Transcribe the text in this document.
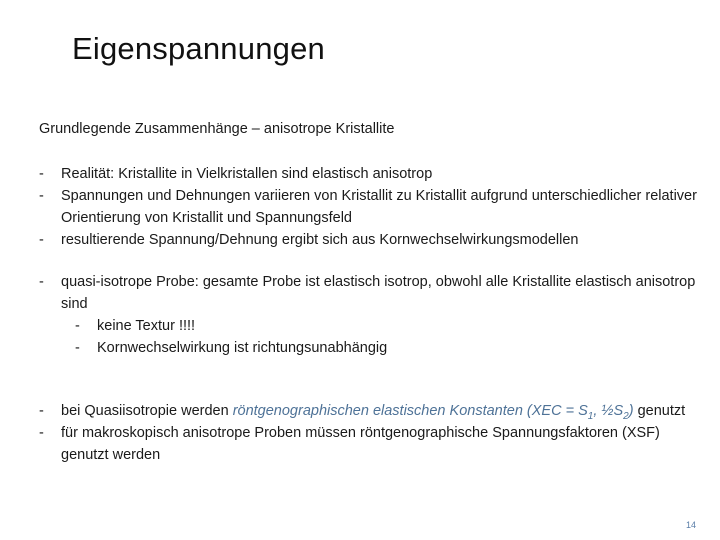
Eigenspannungen

Grundlegende Zusammenhänge – anisotrope Kristallite

- Realität: Kristallite in Vielkristallen sind elastisch anisotrop
- Spannungen und Dehnungen variieren von Kristallit zu Kristallit aufgrund unterschiedlicher relativer Orientierung von Kristallit und Spannungsfeld
- resultierende Spannung/Dehnung ergibt sich aus Kornwechselwirkungsmodellen
- quasi-isotrope Probe: gesamte Probe ist elastisch isotrop, obwohl alle Kristallite elastisch anisotrop sind
- keine Textur !!!!
- Kornwechselwirkung ist richtungsunabhängig
- bei Quasiisotropie werden röntgenographischen elastischen Konstanten ($XEC = S_1$, $\frac{1}{2}S_2$) genutzt
- für makroskopisch anisotrope Proben müssen röntgenographische Spannungsfaktoren (XSF) genutzt werden
14
